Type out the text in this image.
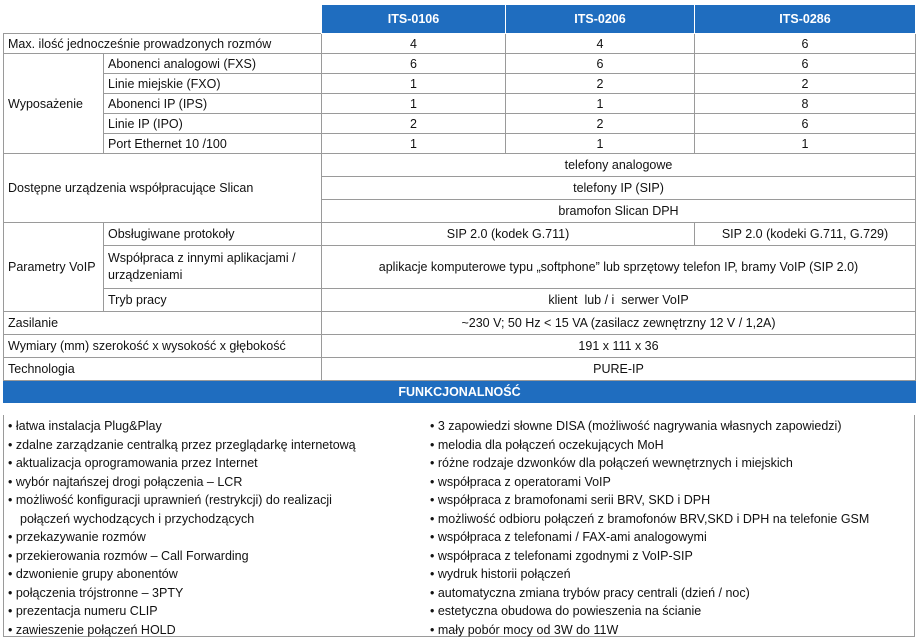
		ITS-0106	ITS-0206	ITS-0286
Max. ilość jednocześnie prowadzonych rozmów		4	4	6
Wyposażenie	Abonenci analogowi (FXS)	6	6	6
	Linie miejskie (FXO)	1	2	2
	Abonenci IP (IPS)	1	1	8
	Linie IP (IPO)	2	2	6
	Port Ethernet 10 /100	1	1	1
Dostępne urządzenia współpracujące Slican		telefony analogowe		
		telefony IP (SIP)		
		bramofon Slican DPH		
Parametry VoIP	Obsługiwane protokoły	SIP 2.0 (kodek G.711)		SIP 2.0 (kodeki G.711, G.729)
	Współpraca z innymi aplikacjami / urządzeniami	aplikacje komputerowe typu „softphone” lub sprzętowy telefon IP, bramy VoIP (SIP 2.0)		
	Tryb pracy	klient  lub / i  serwer VoIP		
Zasilanie		~230 V; 50 Hz < 15 VA (zasilacz zewnętrzny 12 V / 1,2A)		
Wymiary (mm) szerokość x wysokość x głębokość		191 x 111 x 36		
Technologia		PURE-IP		
FUNKCJONALNOŚĆ				
• łatwa instalacja Plug&Play
• zdalne zarządzanie centralką przez przeglądarkę internetową
• aktualizacja oprogramowania przez Internet
• wybór najtańszej drogi połączenia – LCR
• możliwość konfiguracji uprawnień (restrykcji) do realizacji
połączeń wychodzących i przychodzących
• przekazywanie rozmów
• przekierowania rozmów – Call Forwarding
• dzwonienie grupy abonentów
• połączenia trójstronne – 3PTY
• prezentacja numeru CLIP
• zawieszenie połączeń HOLD
• 3 zapowiedzi słowne DISA (możliwość nagrywania własnych zapowiedzi)
• melodia dla połączeń oczekujących MoH
• różne rodzaje dzwonków dla połączeń wewnętrznych i miejskich
• współpraca z operatorami VoIP
• współpraca z bramofonami serii BRV, SKD i DPH
• możliwość odbioru połączeń z bramofonów BRV,SKD i DPH na telefonie GSM
• współpraca z telefonami / FAX-ami analogowymi
• współpraca z telefonami zgodnymi z VoIP-SIP
• wydruk historii połączeń
• automatyczna zmiana trybów pracy centrali (dzień / noc)
• estetyczna obudowa do powieszenia na ścianie
• mały pobór mocy od 3W do 11W
